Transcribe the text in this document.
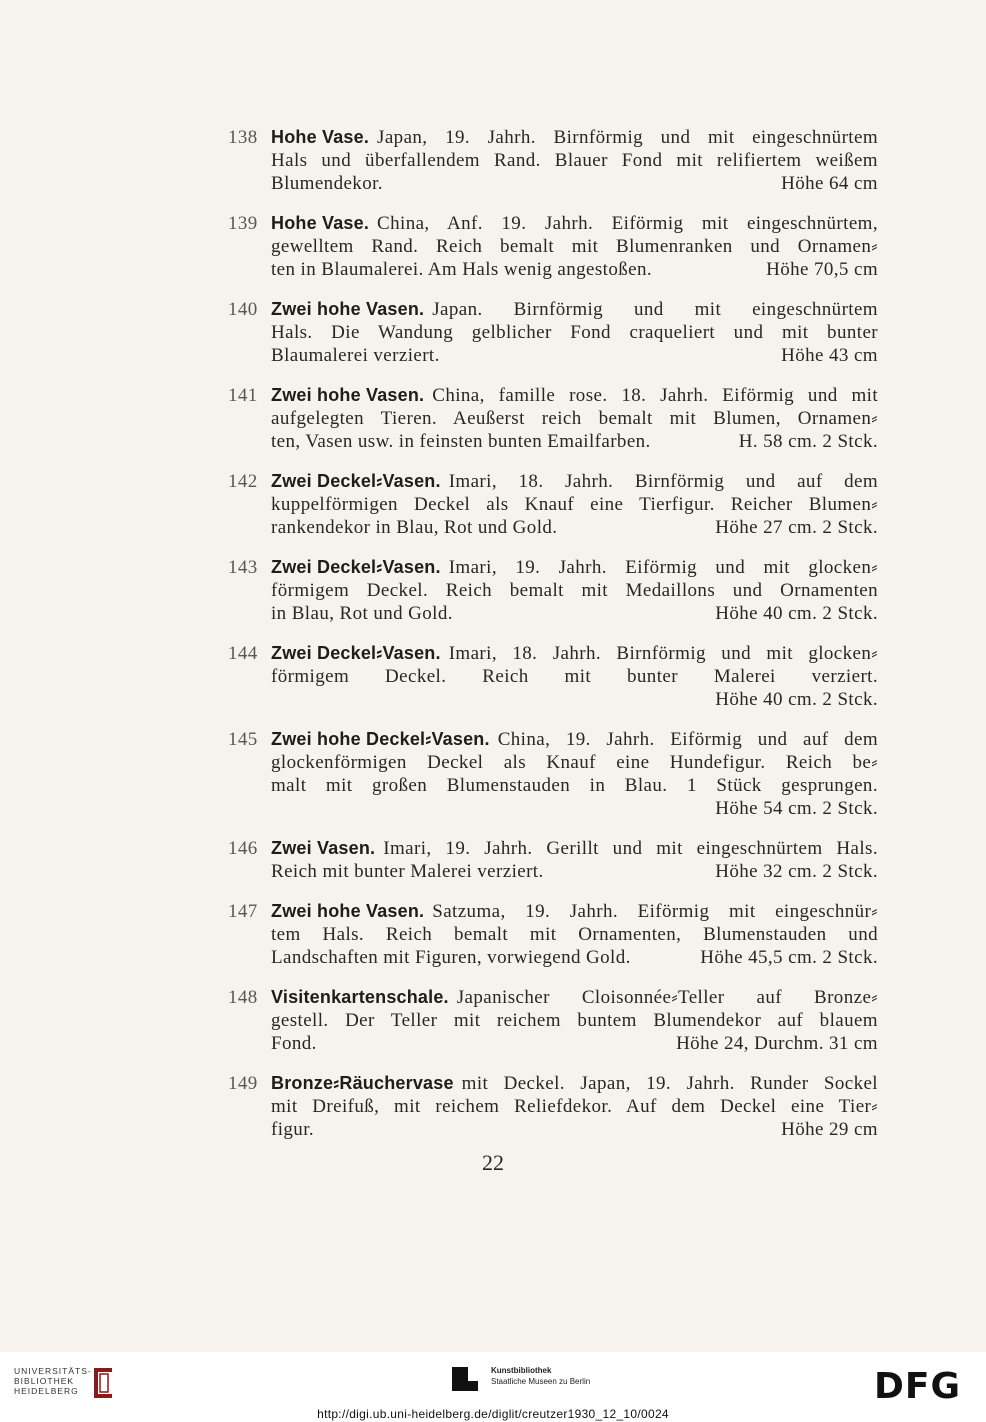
138 Hohe Vase. Japan, 19. Jahrh. Birnförmig und mit eingeschnürtem
Hals und überfallendem Rand. Blauer Fond mit relifiertem weißem
Blumendekor.	Höhe 64 cm
139 Hohe Vase. China, Anf. 19. Jahrh. Eiförmig mit eingeschnürtem,
gewelltem Rand. Reich bemalt mit Blumenranken und Ornamen⸗
ten in Blaumalerei. Am Hals wenig angestoßen.	Höhe 70,5 cm
140 Zwei hohe Vasen. Japan. Birnförmig und mit eingeschnürtem
Hals. Die Wandung gelblicher Fond craqueliert und mit bunter
Blaumalerei verziert.	Höhe 43 cm
141 Zwei hohe Vasen. China, famille rose. 18. Jahrh. Eiförmig und mit
aufgelegten Tieren. Aeußerst reich bemalt mit Blumen, Ornamen⸗
ten, Vasen usw. in feinsten bunten Emailfarben.	H. 58 cm. 2 Stck.
142 Zwei Deckel⸗Vasen. Imari, 18. Jahrh. Birnförmig und auf dem
kuppelförmigen Deckel als Knauf eine Tierfigur. Reicher Blumen⸗
rankendekor in Blau, Rot und Gold.	Höhe 27 cm. 2 Stck.
143 Zwei Deckel⸗Vasen. Imari, 19. Jahrh. Eiförmig und mit glocken⸗
förmigem Deckel. Reich bemalt mit Medaillons und Ornamenten
in Blau, Rot und Gold.	Höhe 40 cm. 2 Stck.
144 Zwei Deckel⸗Vasen. Imari, 18. Jahrh. Birnförmig und mit glocken⸗
förmigem Deckel. Reich mit bunter Malerei verziert.
Höhe 40 cm. 2 Stck.
145 Zwei hohe Deckel⸗Vasen. China, 19. Jahrh. Eiförmig und auf dem
glockenförmigen Deckel als Knauf eine Hundefigur. Reich be⸗
malt mit großen Blumenstauden in Blau. 1 Stück gesprungen.
Höhe 54 cm. 2 Stck.
146 Zwei Vasen. Imari, 19. Jahrh. Gerillt und mit eingeschnürtem Hals.
Reich mit bunter Malerei verziert.	Höhe 32 cm. 2 Stck.
147 Zwei hohe Vasen. Satzuma, 19. Jahrh. Eiförmig mit eingeschnür⸗
tem Hals. Reich bemalt mit Ornamenten, Blumenstauden und
Landschaften mit Figuren, vorwiegend Gold.	Höhe 45,5 cm. 2 Stck.
148 Visitenkartenschale. Japanischer Cloisonnée⸗Teller auf Bronze⸗
gestell. Der Teller mit reichem buntem Blumendekor auf blauem
Fond.	Höhe 24, Durchm. 31 cm
149 Bronze⸗Räuchervase mit Deckel. Japan, 19. Jahrh. Runder Sockel
mit Dreifuß, mit reichem Reliefdekor. Auf dem Deckel eine Tier⸗
figur.	Höhe 29 cm
22
UNIVERSITÄTS-
BIBLIOTHEK
HEIDELBERG
Kunstbibliothek
Staatliche Museen zu Berlin	DFG
http://digi.ub.uni-heidelberg.de/diglit/creutzer1930_12_10/0024
